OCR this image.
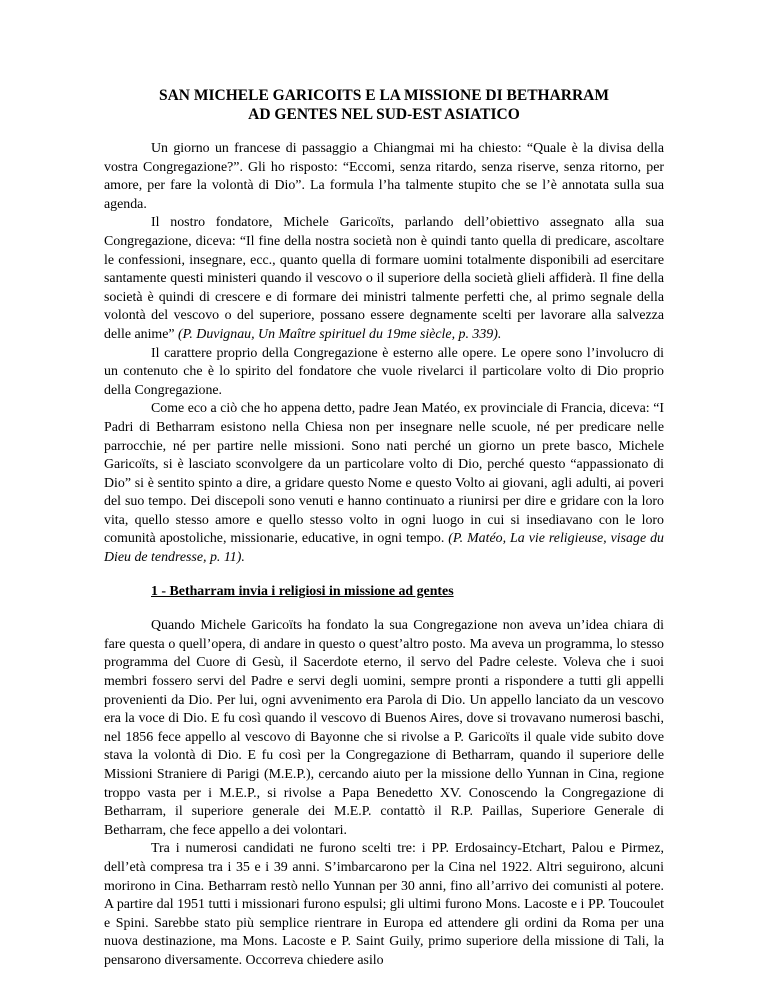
SAN MICHELE GARICOITS E LA MISSIONE DI BETHARRAM
AD GENTES NEL SUD-EST ASIATICO

Un giorno un francese di passaggio a Chiangmai mi ha chiesto: “Quale è la divisa della vostra Congregazione?”. Gli ho risposto: “Eccomi, senza ritardo, senza riserve, senza ritorno, per amore, per fare la volontà di Dio”. La formula l’ha talmente stupito che se l’è annotata sulla sua agenda.

Il nostro fondatore, Michele Garicoïts, parlando dell’obiettivo assegnato alla sua Congregazione, diceva: “Il fine della nostra società non è quindi tanto quella di predicare, ascoltare le confessioni, insegnare, ecc., quanto quella di formare uomini totalmente disponibili ad esercitare santamente questi ministeri quando il vescovo o il superiore della società glieli affiderà. Il fine della società è quindi di crescere e di formare dei ministri talmente perfetti che, al primo segnale della volontà del vescovo o del superiore, possano essere degnamente scelti per lavorare alla salvezza delle anime” (P. Duvignau, Un Maître spirituel du 19me siècle, p. 339).

Il carattere proprio della Congregazione è esterno alle opere. Le opere sono l’involucro di un contenuto che è lo spirito del fondatore che vuole rivelarci il particolare volto di Dio proprio della Congregazione.

Come eco a ciò che ho appena detto, padre Jean Matéo, ex provinciale di Francia, diceva: “I Padri di Betharram esistono nella Chiesa non per insegnare nelle scuole, né per predicare nelle parrocchie, né per partire nelle missioni. Sono nati perché un giorno un prete basco, Michele Garicoïts, si è lasciato sconvolgere da un particolare volto di Dio, perché questo “appassionato di Dio” si è sentito spinto a dire, a gridare questo Nome e questo Volto ai giovani, agli adulti, ai poveri del suo tempo. Dei discepoli sono venuti e hanno continuato a riunirsi per dire e gridare con la loro vita, quello stesso amore e quello stesso volto in ogni luogo in cui si insediavano con le loro comunità apostoliche, missionarie, educative, in ogni tempo. (P. Matéo, La vie religieuse, visage du Dieu de tendresse, p. 11).

1 - Betharram invia i religiosi in missione ad gentes

Quando Michele Garicoïts ha fondato la sua Congregazione non aveva un’idea chiara di fare questa o quell’opera, di andare in questo o quest’altro posto. Ma aveva un programma, lo stesso programma del Cuore di Gesù, il Sacerdote eterno, il servo del Padre celeste. Voleva che i suoi membri fossero servi del Padre e servi degli uomini, sempre pronti a rispondere a tutti gli appelli provenienti da Dio. Per lui, ogni avvenimento era Parola di Dio. Un appello lanciato da un vescovo era la voce di Dio. E fu così quando il vescovo di Buenos Aires, dove si trovavano numerosi baschi, nel 1856 fece appello al vescovo di Bayonne che si rivolse a P. Garicoïts il quale vide subito dove stava la volontà di Dio. E fu così per la Congregazione di Betharram, quando il superiore delle Missioni Straniere di Parigi (M.E.P.), cercando aiuto per la missione dello Yunnan in Cina, regione troppo vasta per i M.E.P., si rivolse a Papa Benedetto XV. Conoscendo la Congregazione di Betharram, il superiore generale dei M.E.P. contattò il R.P. Paillas, Superiore Generale di Betharram, che fece appello a dei volontari.

Tra i numerosi candidati ne furono scelti tre: i PP. Erdosaincy-Etchart, Palou e Pirmez, dell’età compresa tra i 35 e i 39 anni. S’imbarcarono per la Cina nel 1922. Altri seguirono, alcuni morirono in Cina. Betharram restò nello Yunnan per 30 anni, fino all’arrivo dei comunisti al potere. A partire dal 1951 tutti i missionari furono espulsi; gli ultimi furono Mons. Lacoste e i PP. Toucoulet e Spini. Sarebbe stato più semplice rientrare in Europa ed attendere gli ordini da Roma per una nuova destinazione, ma Mons. Lacoste e P. Saint Guily, primo superiore della missione di Tali, la pensarono diversamente. Occorreva chiedere asilo
